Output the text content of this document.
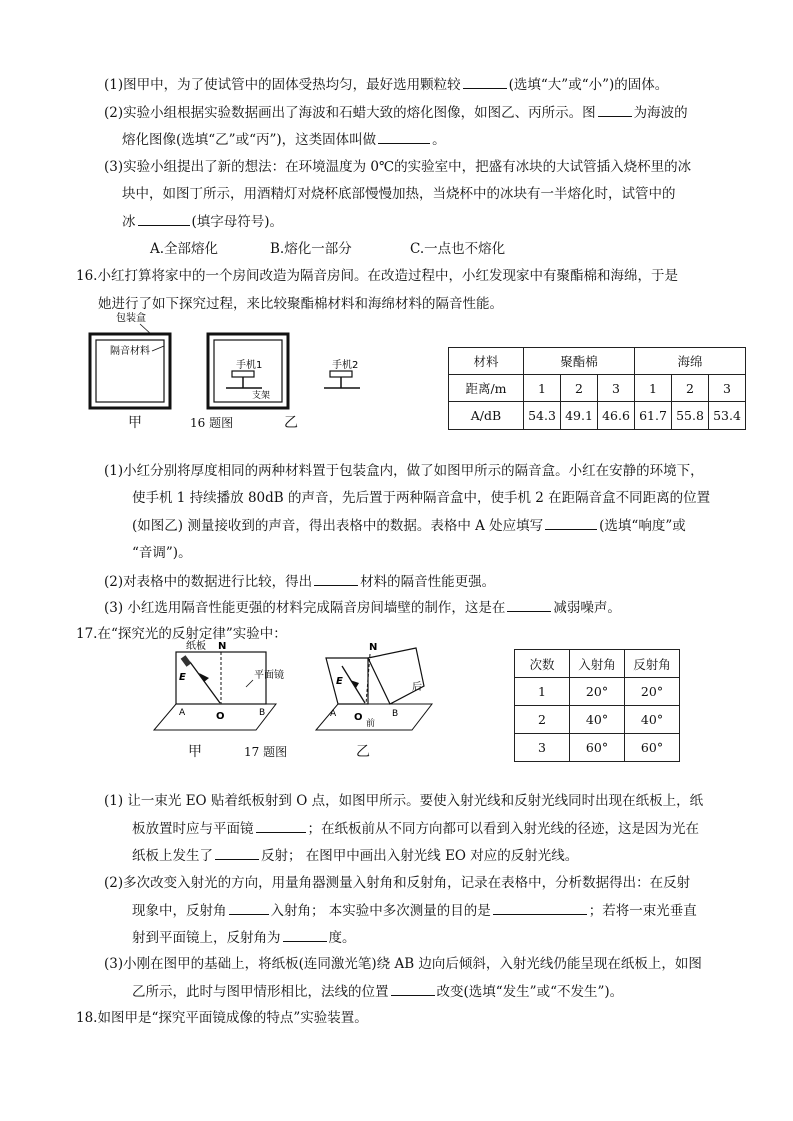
(1)图甲中，为了使试管中的固体受热均匀，最好选用颗粒较	(选填“大”或“小”)的固体。
(2)实验小组根据实验数据画出了海波和石蜡大致的熔化图像，如图乙、丙所示。图	为海波的
熔化图像(选填“乙”或“丙”)，这类固体叫做	。
(3)实验小组提出了新的想法：在环境温度为 0℃的实验室中，把盛有冰块的大试管插入烧杯里的冰
块中，如图丁所示，用酒精灯对烧杯底部慢慢加热，当烧杯中的冰块有一半熔化时，试管中的
冰	(填字母符号)。
A.全部熔化	B.熔化一部分	C.一点也不熔化
16.小红打算将家中的一个房间改造为隔音房间。在改造过程中，小红发现家中有聚酯棉和海绵，于是
她进行了如下探究过程，来比较聚酯棉材料和海绵材料的隔音性能。
包装盒
隔音材料
手机1
支架
手机2
甲	16 题图	乙
材料	聚酯棉			海绵		
距离/m	1	2	3	1	2	3
A/dB	54.3	49.1	46.6	61.7	55.8	53.4
(1)小红分别将厚度相同的两种材料置于包装盒内，做了如图甲所示的隔音盒。小红在安静的环境下，
使手机 1 持续播放 80dB 的声音，先后置于两种隔音盒中，使手机 2 在距隔音盒不同距离的位置
(如图乙) 测量接收到的声音，得出表格中的数据。表格中 A 处应填写	(选填“响度”或
“音调”)。
(2)对表格中的数据进行比较，得出	材料的隔音性能更强。
(3) 小红选用隔音性能更强的材料完成隔音房间墙壁的制作，这是在	减弱噪声。
17.在“探究光的反射定律”实验中：
纸板 N
E
A	O	B
平面镜
N
E
A O
前
B
后
甲	17 题图	乙
次数	入射角	反射角
1	20°	20°
2	40°	40°
3	60°	60°
(1) 让一束光 EO 贴着纸板射到 O 点，如图甲所示。要使入射光线和反射光线同时出现在纸板上，纸
板放置时应与平面镜	；在纸板前从不同方向都可以看到入射光线的径迹，这是因为光在
纸板上发生了	反射； 在图甲中画出入射光线 EO 对应的反射光线。
(2)多次改变入射光的方向，用量角器测量入射角和反射角，记录在表格中，分析数据得出：在反射
现象中，反射角	入射角； 本实验中多次测量的目的是	；若将一束光垂直
射到平面镜上，反射角为	度。
(3)小刚在图甲的基础上，将纸板(连同激光笔)绕 AB 边向后倾斜，入射光线仍能呈现在纸板上，如图
乙所示，此时与图甲情形相比，法线的位置	改变(选填“发生”或“不发生”)。
18.如图甲是“探究平面镜成像的特点”实验装置。
